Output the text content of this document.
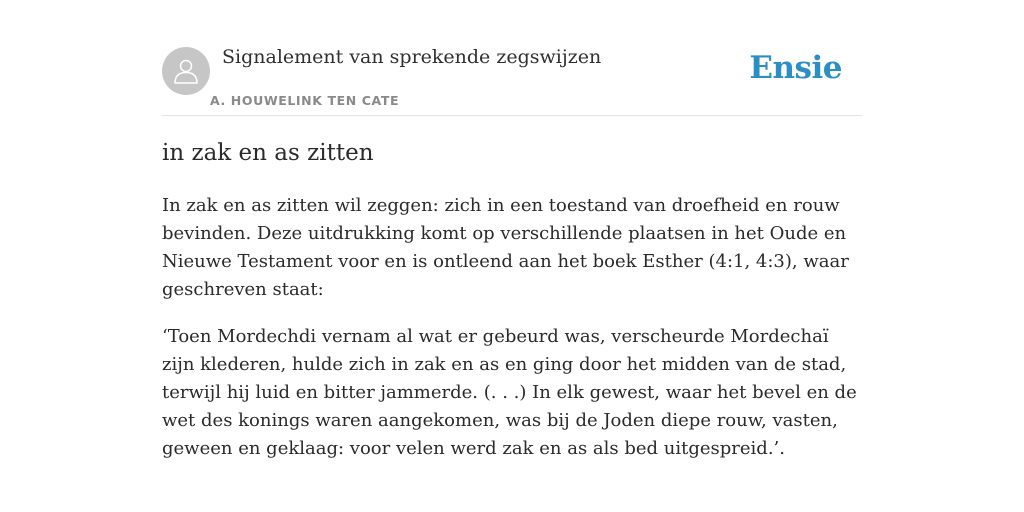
Signalement van sprekende zegswijzen
A. HOUWELINK TEN CATE
Ensie
in zak en as zitten

In zak en as zitten wil zeggen: zich in een toestand van droefheid en rouw bevinden. Deze uitdrukking komt op verschillende plaatsen in het Oude en Nieuwe Testament voor en is ontleend aan het boek Esther (4:1, 4:3), waar geschreven staat:

‘Toen Mordechdi vernam al wat er gebeurd was, verscheurde Mordechaï zijn klederen, hulde zich in zak en as en ging door het midden van de stad, terwijl hij luid en bitter jammerde. (. . .) In elk gewest, waar het bevel en de wet des konings waren aangekomen, was bij de Joden diepe rouw, vasten, geween en geklaag: voor velen werd zak en as als bed uitgespreid.’.
